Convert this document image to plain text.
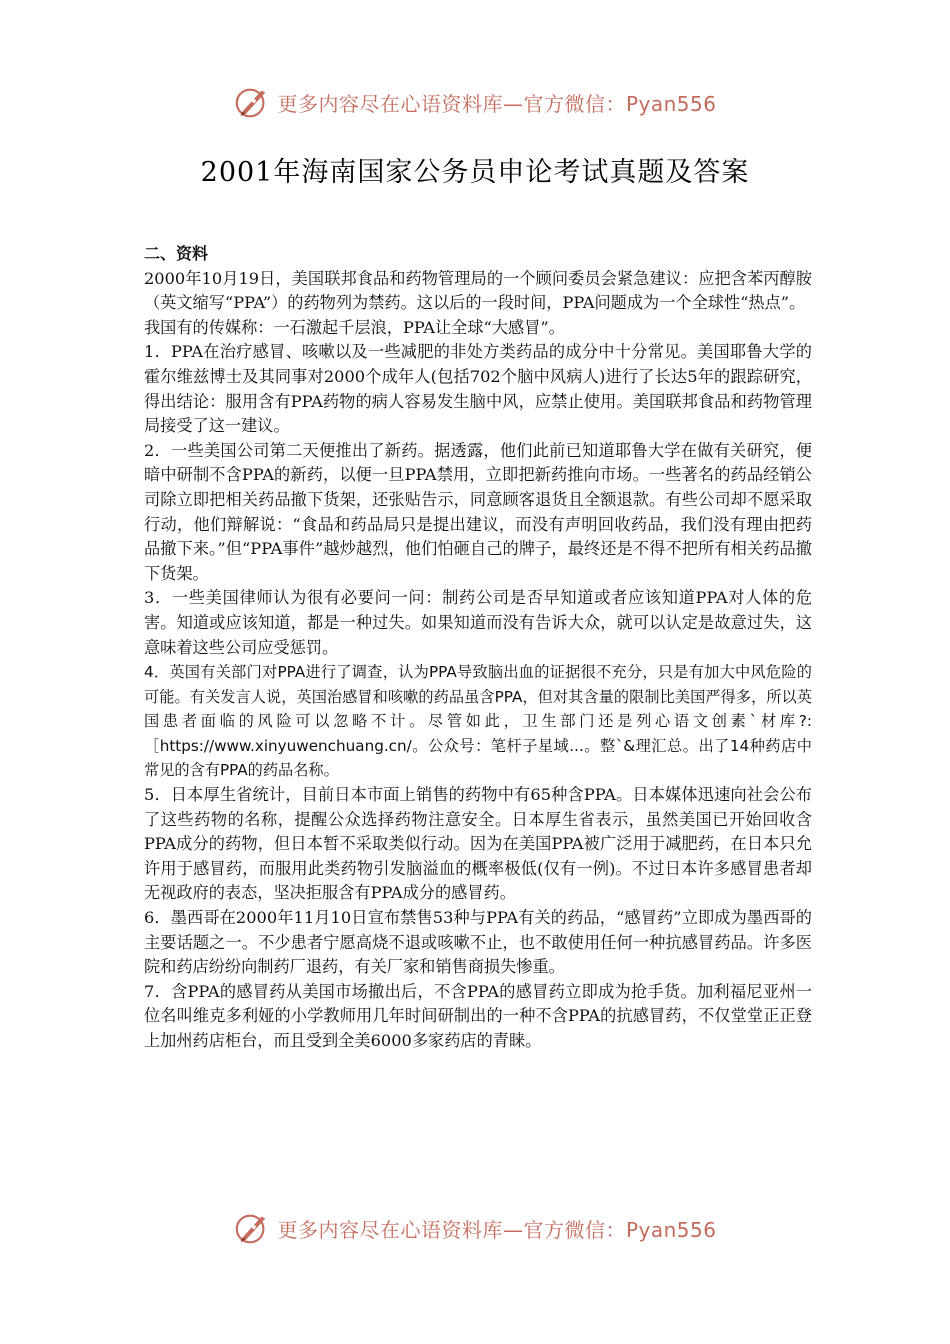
更多内容尽在心语资料库—官方微信：Pyan556
2001年海南国家公务员申论考试真题及答案

二、资料

2000年10月19日，美国联邦食品和药物管理局的一个顾问委员会紧急建议：应把含苯丙醇胺（英文缩写“PPA”）的药物列为禁药。这以后的一段时间，PPA问题成为一个全球性“热点”。

我国有的传媒称：一石激起千层浪，PPA让全球“大感冒”。

1．PPA在治疗感冒、咳嗽以及一些减肥的非处方类药品的成分中十分常见。美国耶鲁大学的霍尔维兹博士及其同事对2000个成年人(包括702个脑中风病人)进行了长达5年的跟踪研究，得出结论：服用含有PPA药物的病人容易发生脑中风，应禁止使用。美国联邦食品和药物管理局接受了这一建议。

2．一些美国公司第二天便推出了新药。据透露，他们此前已知道耶鲁大学在做有关研究，便暗中研制不含PPA的新药，以便一旦PPA禁用，立即把新药推向市场。一些著名的药品经销公司除立即把相关药品撤下货架，还张贴告示，同意顾客退货且全额退款。有些公司却不愿采取行动，他们辩解说：“食品和药品局只是提出建议，而没有声明回收药品，我们没有理由把药品撤下来。”但“PPA事件”越炒越烈，他们怕砸自己的牌子，最终还是不得不把所有相关药品撤下货架。

3．一些美国律师认为很有必要问一问：制药公司是否早知道或者应该知道PPA对人体的危害。知道或应该知道，都是一种过失。如果知道而没有告诉大众，就可以认定是故意过失，这意味着这些公司应受惩罚。

4．英国有关部门对PPA进行了调查，认为PPA导致脑出血的证据很不充分，只是有加大中风危险的可能。有关发言人说，英国治感冒和咳嗽的药品虽含PPA，但对其含量的限制比美国严得多，所以英国患者面临的风险可以忽略不计。尽管如此，卫生部门还是列心语文创素`材库?:［https://www.xinyuwenchuang.cn/。公众号：笔杆子星域...。整`&理汇总。出了14种药店中常见的含有PPA的药品名称。

5．日本厚生省统计，目前日本市面上销售的药物中有65种含PPA。日本媒体迅速向社会公布了这些药物的名称，提醒公众选择药物注意安全。日本厚生省表示，虽然美国已开始回收含PPA成分的药物，但日本暂不采取类似行动。因为在美国PPA被广泛用于减肥药，在日本只允许用于感冒药，而服用此类药物引发脑溢血的概率极低(仅有一例)。不过日本许多感冒患者却无视政府的表态，坚决拒服含有PPA成分的感冒药。

6．墨西哥在2000年11月10日宣布禁售53种与PPA有关的药品，“感冒药”立即成为墨西哥的主要话题之一。不少患者宁愿高烧不退或咳嗽不止，也不敢使用任何一种抗感冒药品。许多医院和药店纷纷向制药厂退药，有关厂家和销售商损失惨重。

7．含PPA的感冒药从美国市场撤出后，不含PPA的感冒药立即成为抢手货。加利福尼亚州一位名叫维克多利娅的小学教师用几年时间研制出的一种不含PPA的抗感冒药，不仅堂堂正正登上加州药店柜台，而且受到全美6000多家药店的青睐。

更多内容尽在心语资料库—官方微信：Pyan556
